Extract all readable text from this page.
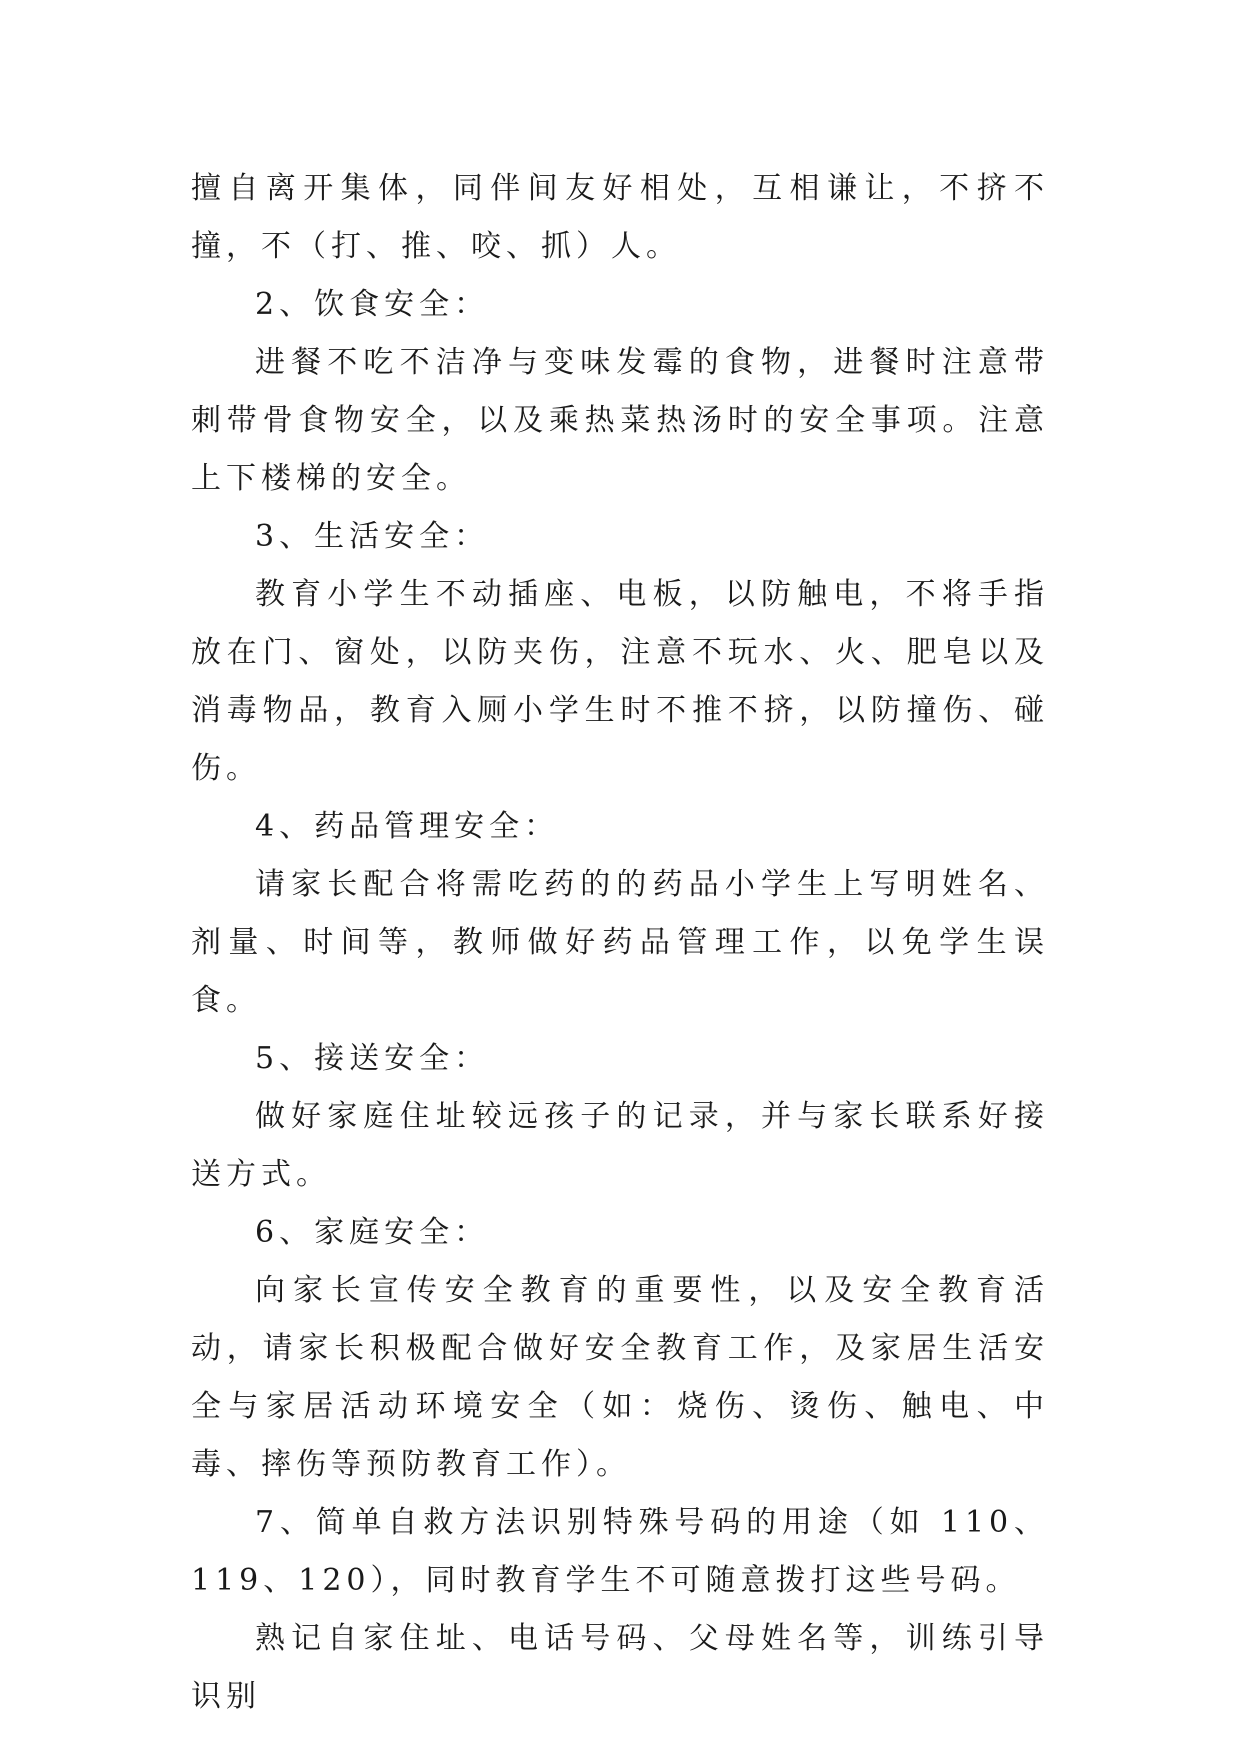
擅自离开集体，同伴间友好相处，互相谦让，不挤不撞，不（打、推、咬、抓）人。

2、饮食安全：

进餐不吃不洁净与变味发霉的食物，进餐时注意带刺带骨食物安全，以及乘热菜热汤时的安全事项。注意上下楼梯的安全。

3、生活安全：

教育小学生不动插座、电板，以防触电，不将手指放在门、窗处，以防夹伤，注意不玩水、火、肥皂以及消毒物品，教育入厕小学生时不推不挤，以防撞伤、碰伤。

4、药品管理安全：

请家长配合将需吃药的的药品小学生上写明姓名、剂量、时间等，教师做好药品管理工作，以免学生误食。

5、接送安全：

做好家庭住址较远孩子的记录，并与家长联系好接送方式。

6、家庭安全：

向家长宣传安全教育的重要性，以及安全教育活动，请家长积极配合做好安全教育工作，及家居生活安全与家居活动环境安全（如：烧伤、烫伤、触电、中毒、摔伤等预防教育工作）。

7、简单自救方法识别特殊号码的用途（如 110、119、120），同时教育学生不可随意拨打这些号码。

熟记自家住址、电话号码、父母姓名等，训练引导识别
